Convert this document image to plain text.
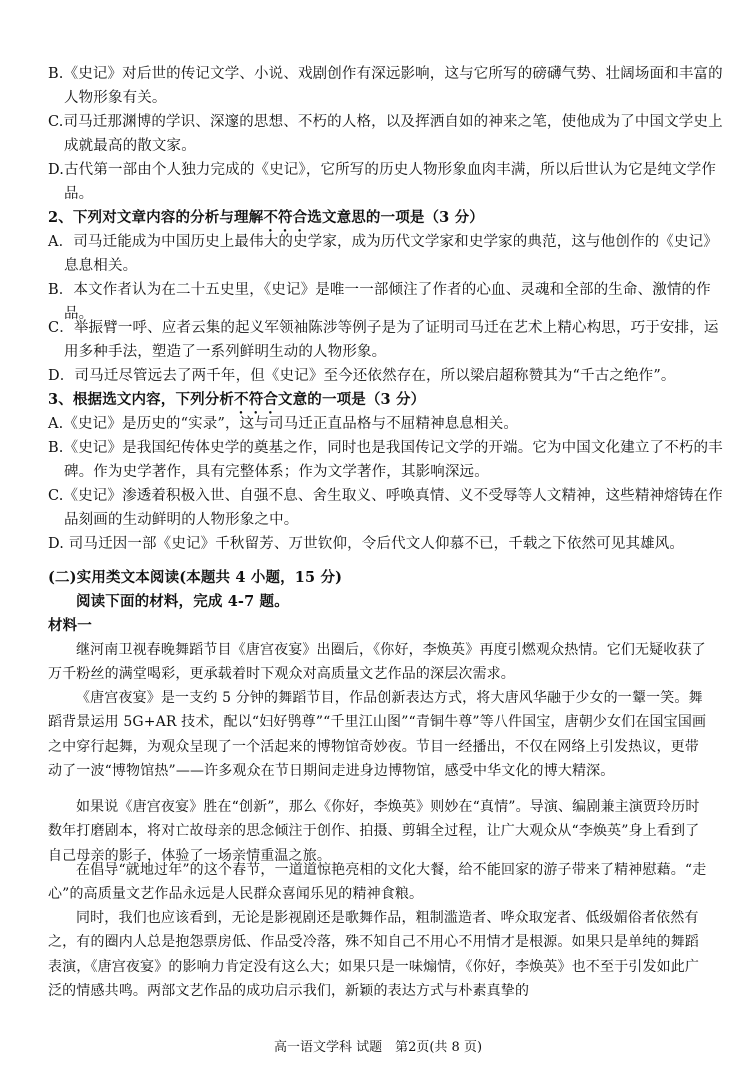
B.《史记》对后世的传记文学、小说、戏剧创作有深远影响，这与它所写的磅礴气势、壮阔场面和丰富的人物形象有关。

C.司马迁那渊博的学识、深邃的思想、不朽的人格，以及挥洒自如的神来之笔，使他成为了中国文学史上成就最高的散文家。

D.古代第一部由个人独力完成的《史记》，它所写的历史人物形象血肉丰满，所以后世认为它是纯文学作品。

2、下列对文章内容的分析与理解不符合选文意思的一项是（3 分）

A．司马迁能成为中国历史上最伟大的史学家，成为历代文学家和史学家的典范，这与他创作的《史记》息息相关。

B．本文作者认为在二十五史里，《史记》是唯一一部倾注了作者的心血、灵魂和全部的生命、激情的作品。

C．举振臂一呼、应者云集的起义军领袖陈涉等例子是为了证明司马迁在艺术上精心构思，巧于安排，运用多种手法，塑造了一系列鲜明生动的人物形象。

D．司马迁尽管远去了两千年，但《史记》至今还依然存在，所以梁启超称赞其为“千古之绝作”。

3、根据选文内容，下列分析不符合文意的一项是（3 分）

A.《史记》是历史的“实录”，这与司马迁正直品格与不屈精神息息相关。

B.《史记》是我国纪传体史学的奠基之作，同时也是我国传记文学的开端。它为中国文化建立了不朽的丰碑。作为史学著作，具有完整体系；作为文学著作，其影响深远。

C.《史记》渗透着积极入世、自强不息、舍生取义、呼唤真情、义不受辱等人文精神，这些精神熔铸在作品刻画的生动鲜明的人物形象之中。

D. 司马迁因一部《史记》千秋留芳、万世钦仰，令后代文人仰慕不已，千载之下依然可见其雄风。

(二)实用类文本阅读(本题共 4 小题，15 分)

阅读下面的材料，完成 4-7 题。

材料一

继河南卫视春晚舞蹈节目《唐宫夜宴》出圈后，《你好，李焕英》再度引燃观众热情。它们无疑收获了万千粉丝的满堂喝彩，更承载着时下观众对高质量文艺作品的深层次需求。

《唐宫夜宴》是一支约 5 分钟的舞蹈节目，作品创新表达方式，将大唐风华融于少女的一颦一笑。舞蹈背景运用 5G+AR 技术，配以“妇好鸮尊”“千里江山图”“青铜牛尊”等八件国宝，唐朝少女们在国宝国画之中穿行起舞，为观众呈现了一个活起来的博物馆奇妙夜。节目一经播出，不仅在网络上引发热议，更带动了一波“博物馆热”——许多观众在节日期间走进身边博物馆，感受中华文化的博大精深。

如果说《唐宫夜宴》胜在“创新”，那么《你好，李焕英》则妙在“真情”。导演、编剧兼主演贾玲历时数年打磨剧本，将对亡故母亲的思念倾注于创作、拍摄、剪辑全过程，让广大观众从“李焕英”身上看到了自己母亲的影子，体验了一场亲情重温之旅。

在倡导“就地过年”的这个春节，一道道惊艳亮相的文化大餐，给不能回家的游子带来了精神慰藉。“走心”的高质量文艺作品永远是人民群众喜闻乐见的精神食粮。

同时，我们也应该看到，无论是影视剧还是歌舞作品，粗制滥造者、哗众取宠者、低级媚俗者依然有之，有的圈内人总是抱怨票房低、作品受冷落，殊不知自己不用心不用情才是根源。如果只是单纯的舞蹈表演，《唐宫夜宴》的影响力肯定没有这么大；如果只是一味煽情，《你好，李焕英》也不至于引发如此广泛的情感共鸣。两部文艺作品的成功启示我们，新颖的表达方式与朴素真挚的

高一语文学科 试题　第2页(共 8 页)
